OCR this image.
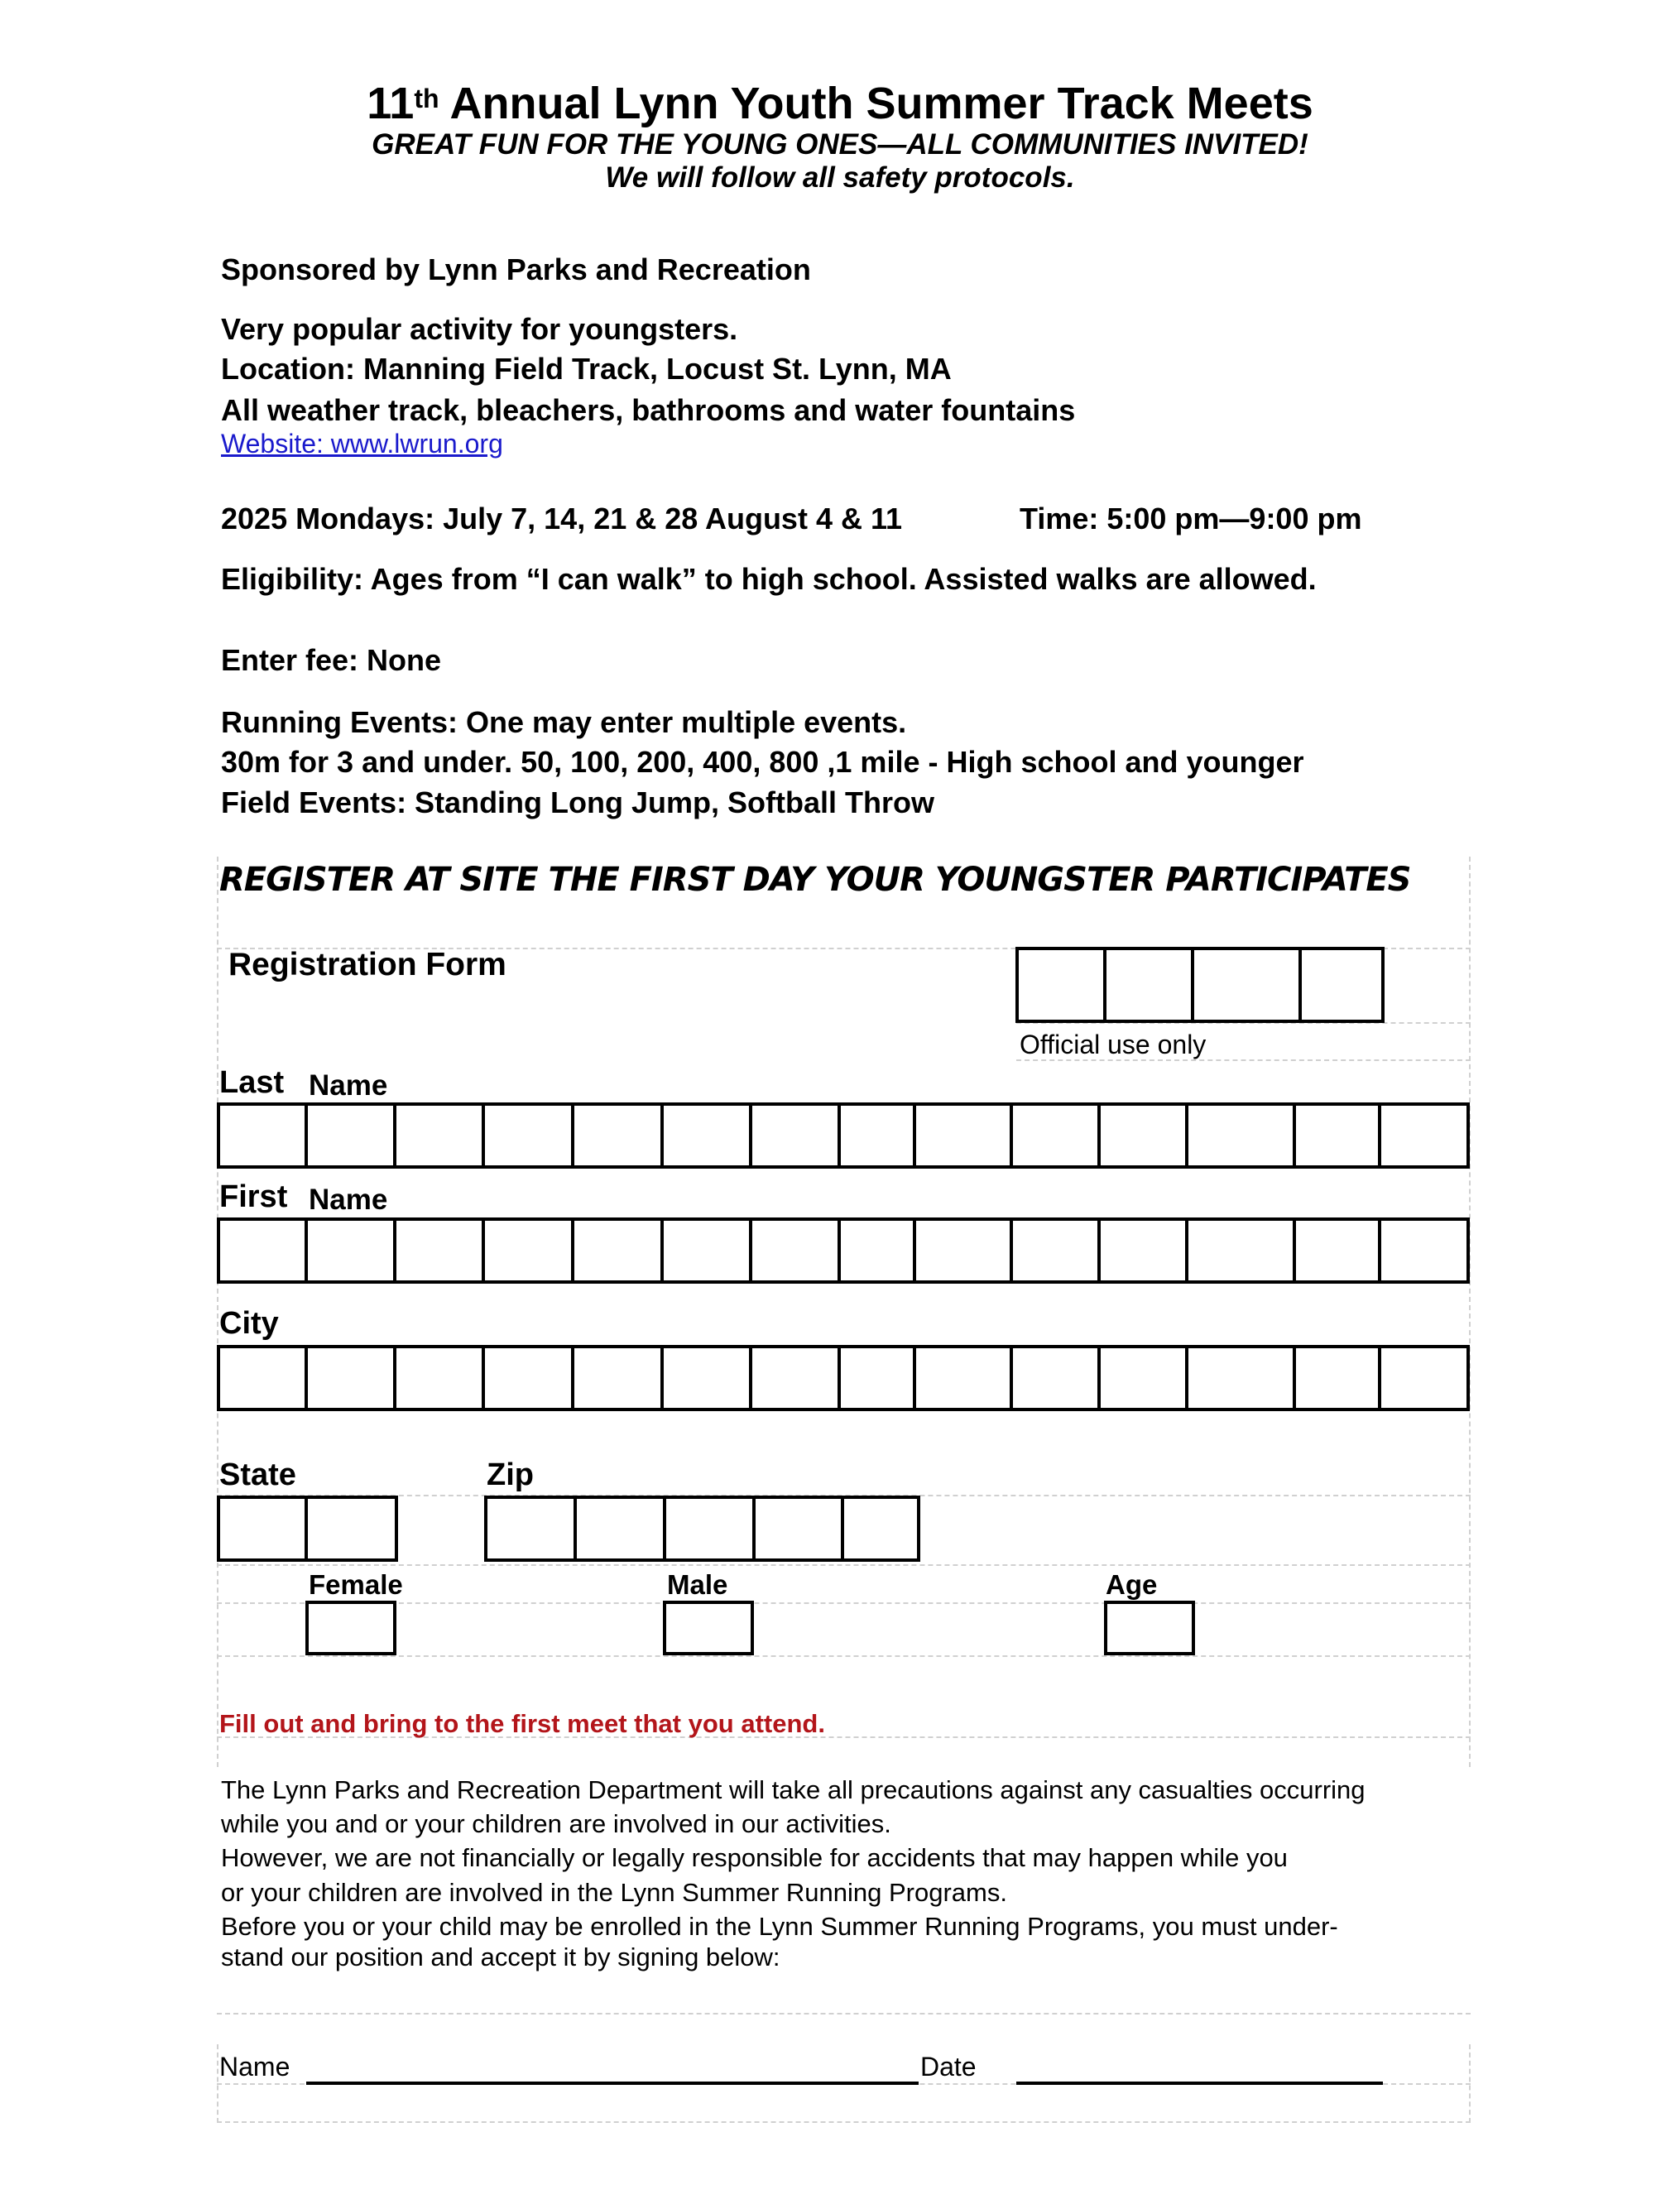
11th Annual Lynn Youth Summer Track Meets
GREAT FUN FOR THE YOUNG ONES—ALL COMMUNITIES INVITED!
We will follow all safety protocols.
Sponsored by Lynn Parks and Recreation
Very popular activity for youngsters.
Location: Manning Field Track, Locust St. Lynn, MA
All weather track, bleachers, bathrooms and water fountains
Website: www.lwrun.org
2025 Mondays: July 7, 14, 21 & 28 August 4 & 11	Time: 5:00 pm—9:00 pm
Eligibility: Ages from “I can walk” to high school. Assisted walks are allowed.
Enter fee: None
Running Events: One may enter multiple events.
30m for 3 and under. 50, 100, 200, 400, 800 ,1 mile - High school and younger
Field Events: Standing Long Jump, Softball Throw
REGISTER AT SITE THE FIRST DAY YOUR YOUNGSTER PARTICIPATES
Registration Form
Official use only
Last Name
First Name
City
State	Zip
Female	Male	Age
Fill out and bring to the first meet that you attend.
The Lynn Parks and Recreation Department will take all precautions against any casualties occurring
while you and or your children are involved in our activities.
However, we are not financially or legally responsible for accidents that may happen while you
or your children are involved in the Lynn Summer Running Programs.
Before you or your child may be enrolled in the Lynn Summer Running Programs, you must under-
stand our position and accept it by signing below:
Name	Date
